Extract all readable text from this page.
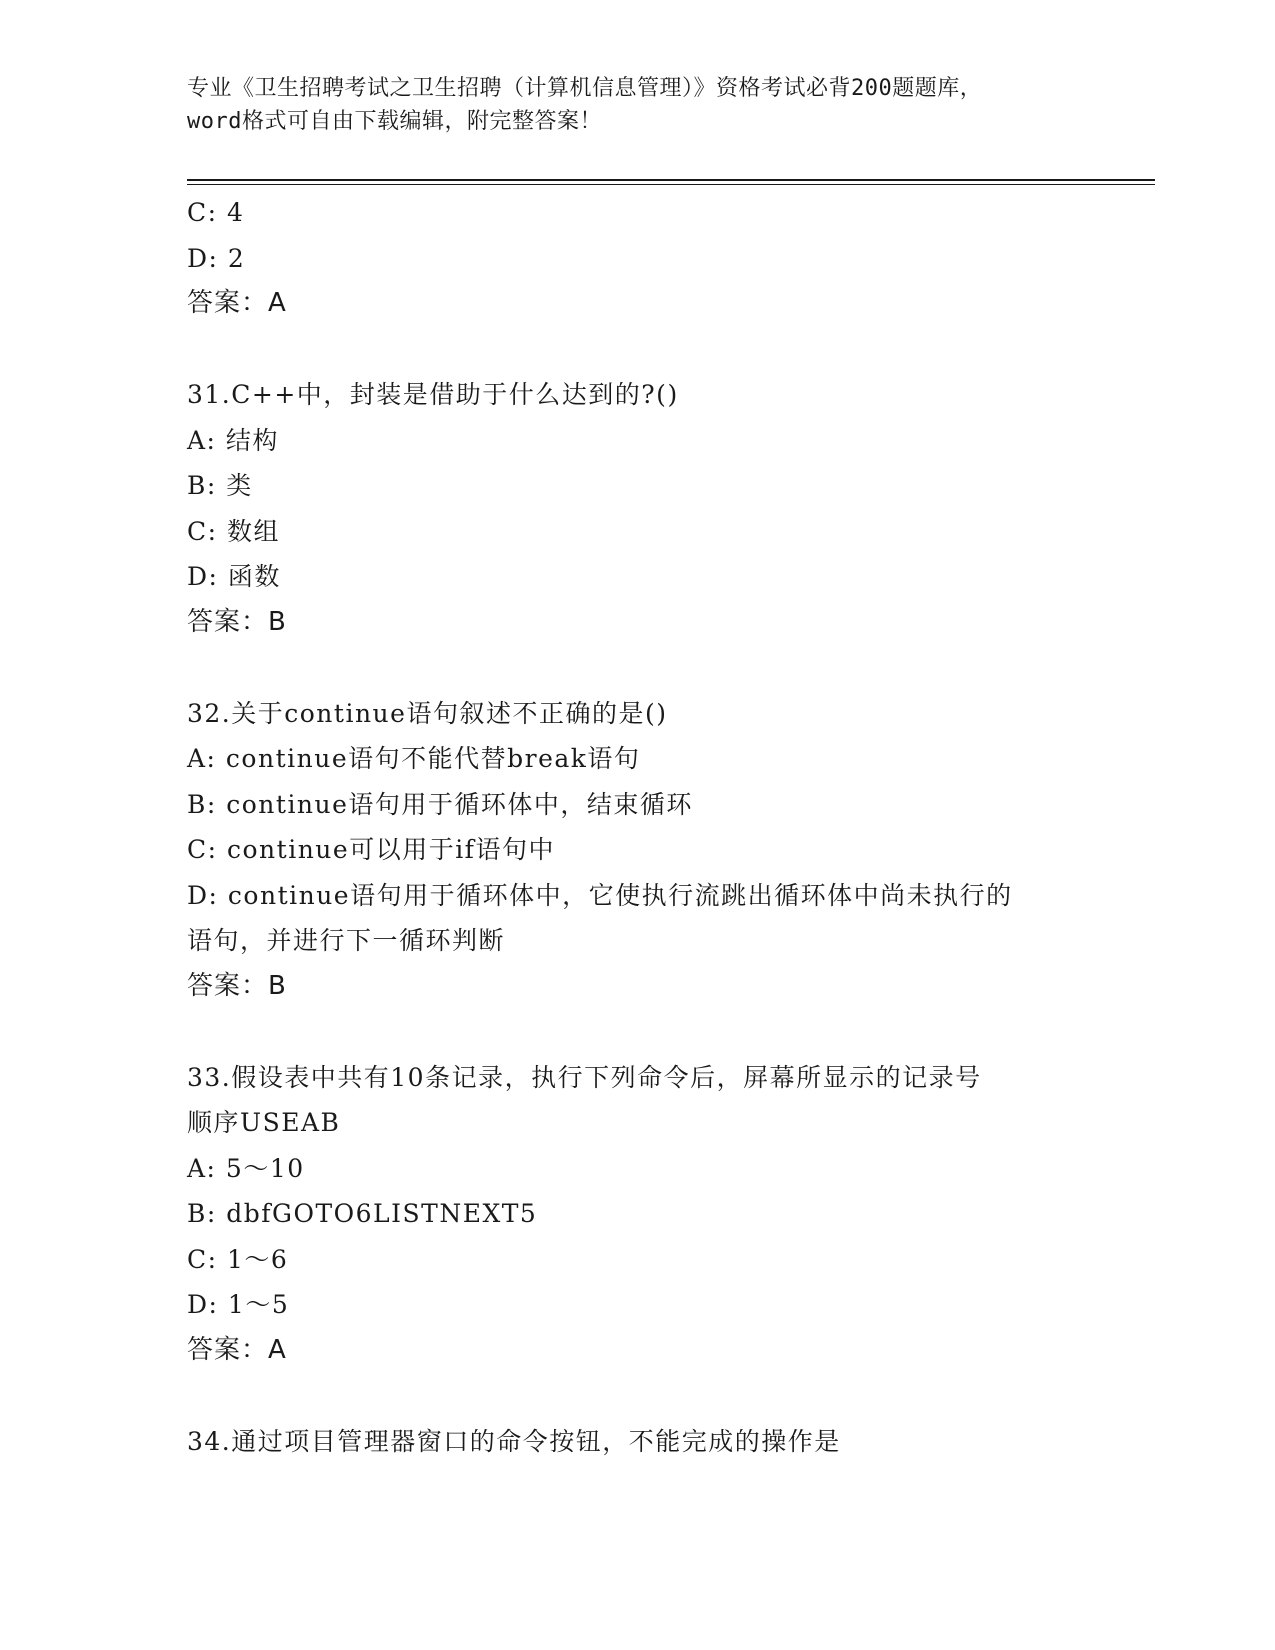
专业《卫生招聘考试之卫生招聘（计算机信息管理）》资格考试必背200题题库，
word格式可自由下载编辑，附完整答案！
C: 4
D: 2
答案：A
31.C++中，封装是借助于什么达到的?()
A: 结构
B: 类
C: 数组
D: 函数
答案：B
32.关于continue语句叙述不正确的是()
A: continue语句不能代替break语句
B: continue语句用于循环体中，结束循环
C: continue可以用于if语句中
D: continue语句用于循环体中，它使执行流跳出循环体中尚未执行的
语句，并进行下一循环判断
答案：B
33.假设表中共有10条记录，执行下列命令后，屏幕所显示的记录号
顺序USEAB
A: 5～10
B: dbfGOTO6LISTNEXT5
C: 1～6
D: 1～5
答案：A
34.通过项目管理器窗口的命令按钮，不能完成的操作是
